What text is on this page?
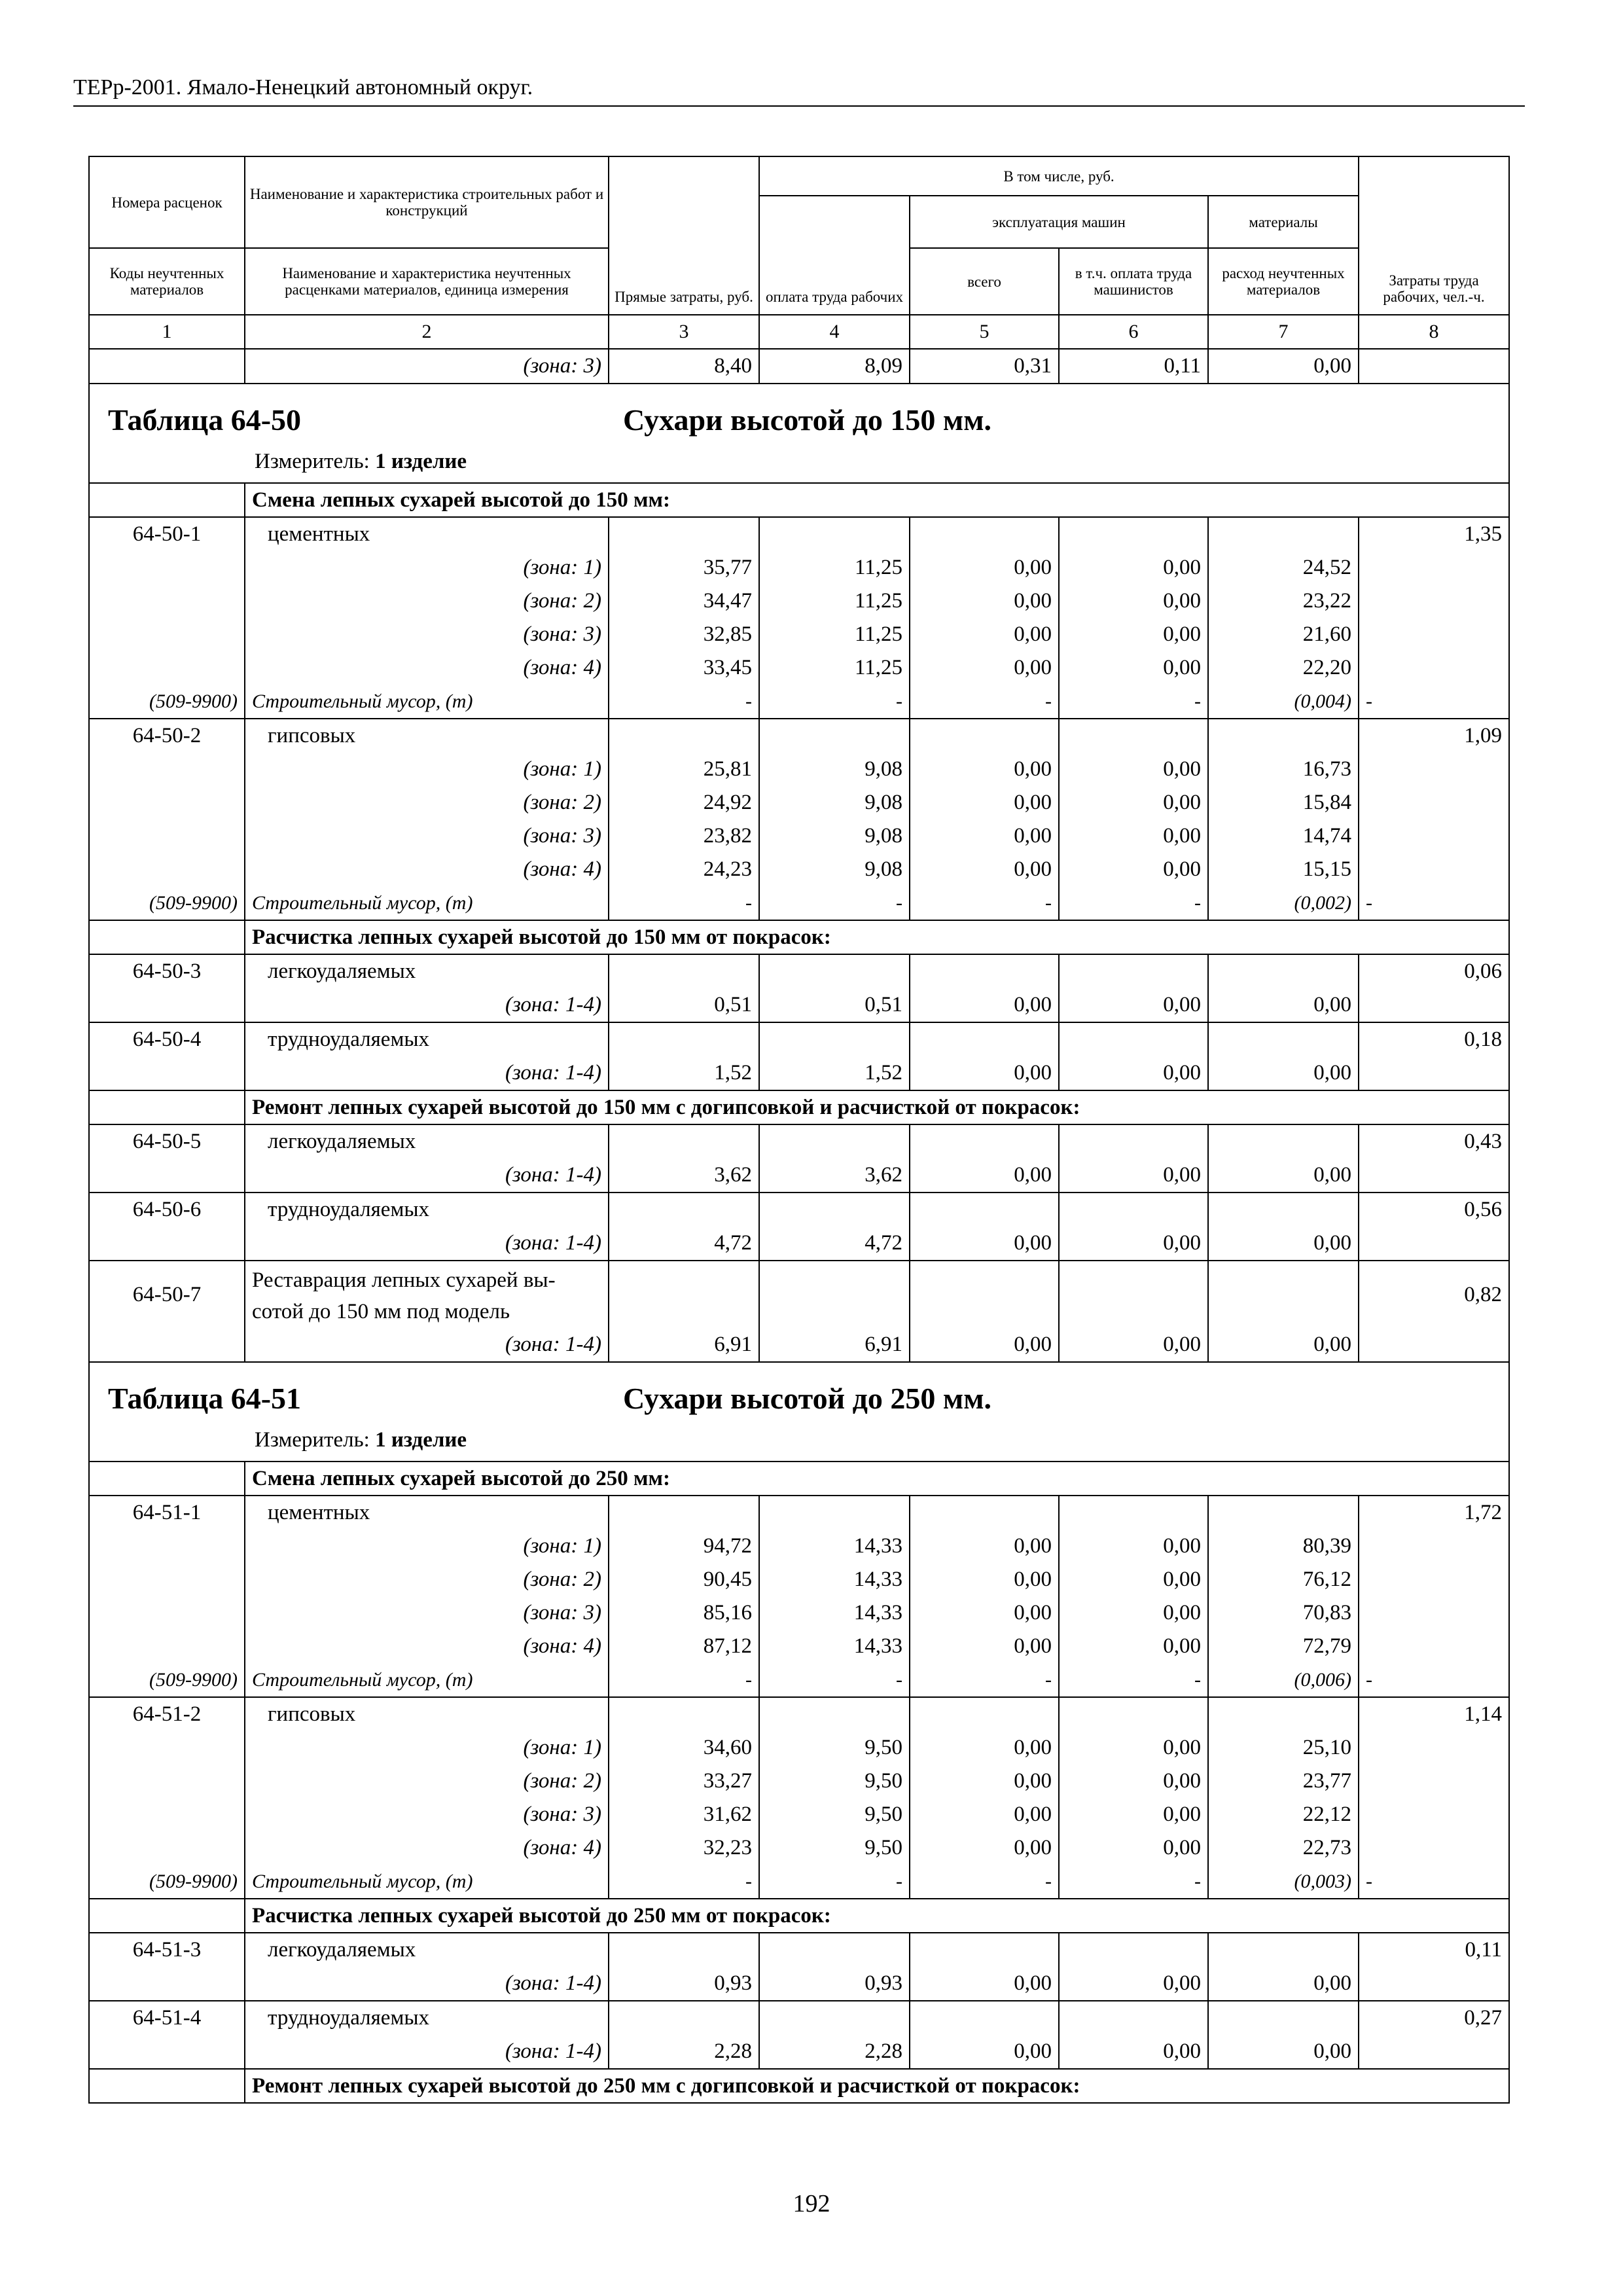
ТЕРр-2001. Ямало-Ненецкий автономный округ.
Номера расценок	Наименование и характеристика строительных работ и конструкций	Прямые затраты, руб.	В том числе, руб.				Затраты труда рабочих, чел.-ч.
			оплата труда рабочих	эксплуатация машин		материалы	
Коды неучтенных материалов	Наименование и характеристика неучтенных расценками материалов, единица измерения			всего	в т.ч. оплата труда машинистов	расход неучтенных материалов	

1	2	3	4	5	6	7	8
	(зона: 3)	8,40	8,09	0,31	0,11	0,00	

Таблица 64-50 Сухари высотой до 150 мм.
Измеритель: 1 изделие							

	Смена лепных сухарей высотой до 150 мм:						
64-50-1	цементных						1,35
	(зона: 1)	35,77	11,25	0,00	0,00	24,52	
	(зона: 2)	34,47	11,25	0,00	0,00	23,22	
	(зона: 3)	32,85	11,25	0,00	0,00	21,60	
	(зона: 4)	33,45	11,25	0,00	0,00	22,20	
(509-9900)	Строительный мусор, (т)	-	-	-	-	(0,004)	-
64-50-2	гипсовых						1,09
	(зона: 1)	25,81	9,08	0,00	0,00	16,73	
	(зона: 2)	24,92	9,08	0,00	0,00	15,84	
	(зона: 3)	23,82	9,08	0,00	0,00	14,74	
	(зона: 4)	24,23	9,08	0,00	0,00	15,15	
(509-9900)	Строительный мусор, (т)	-	-	-	-	(0,002)	-
	Расчистка лепных сухарей высотой до 150 мм от покрасок:						
64-50-3	легкоудаляемых						0,06
	(зона: 1-4)	0,51	0,51	0,00	0,00	0,00	
64-50-4	трудноудаляемых						0,18
	(зона: 1-4)	1,52	1,52	0,00	0,00	0,00	
	Ремонт лепных сухарей высотой до 150 мм с догипсовкой и расчисткой от покрасок:						
64-50-5	легкоудаляемых						0,43
	(зона: 1-4)	3,62	3,62	0,00	0,00	0,00	
64-50-6	трудноудаляемых						0,56
	(зона: 1-4)	4,72	4,72	0,00	0,00	0,00	
64-50-7	Реставрация лепных сухарей вы-						0,82
	сотой до 150 мм под модель						
	(зона: 1-4)	6,91	6,91	0,00	0,00	0,00	

Таблица 64-51 Сухари высотой до 250 мм.
Измеритель: 1 изделие							

	Смена лепных сухарей высотой до 250 мм:						
64-51-1	цементных						1,72
	(зона: 1)	94,72	14,33	0,00	0,00	80,39	
	(зона: 2)	90,45	14,33	0,00	0,00	76,12	
	(зона: 3)	85,16	14,33	0,00	0,00	70,83	
	(зона: 4)	87,12	14,33	0,00	0,00	72,79	
(509-9900)	Строительный мусор, (т)	-	-	-	-	(0,006)	-
64-51-2	гипсовых						1,14
	(зона: 1)	34,60	9,50	0,00	0,00	25,10	
	(зона: 2)	33,27	9,50	0,00	0,00	23,77	
	(зона: 3)	31,62	9,50	0,00	0,00	22,12	
	(зона: 4)	32,23	9,50	0,00	0,00	22,73	
(509-9900)	Строительный мусор, (т)	-	-	-	-	(0,003)	-
	Расчистка лепных сухарей высотой до 250 мм от покрасок:						
64-51-3	легкоудаляемых						0,11
	(зона: 1-4)	0,93	0,93	0,00	0,00	0,00	
64-51-4	трудноудаляемых						0,27
	(зона: 1-4)	2,28	2,28	0,00	0,00	0,00	
	Ремонт лепных сухарей высотой до 250 мм с догипсовкой и расчисткой от покрасок:						
192
